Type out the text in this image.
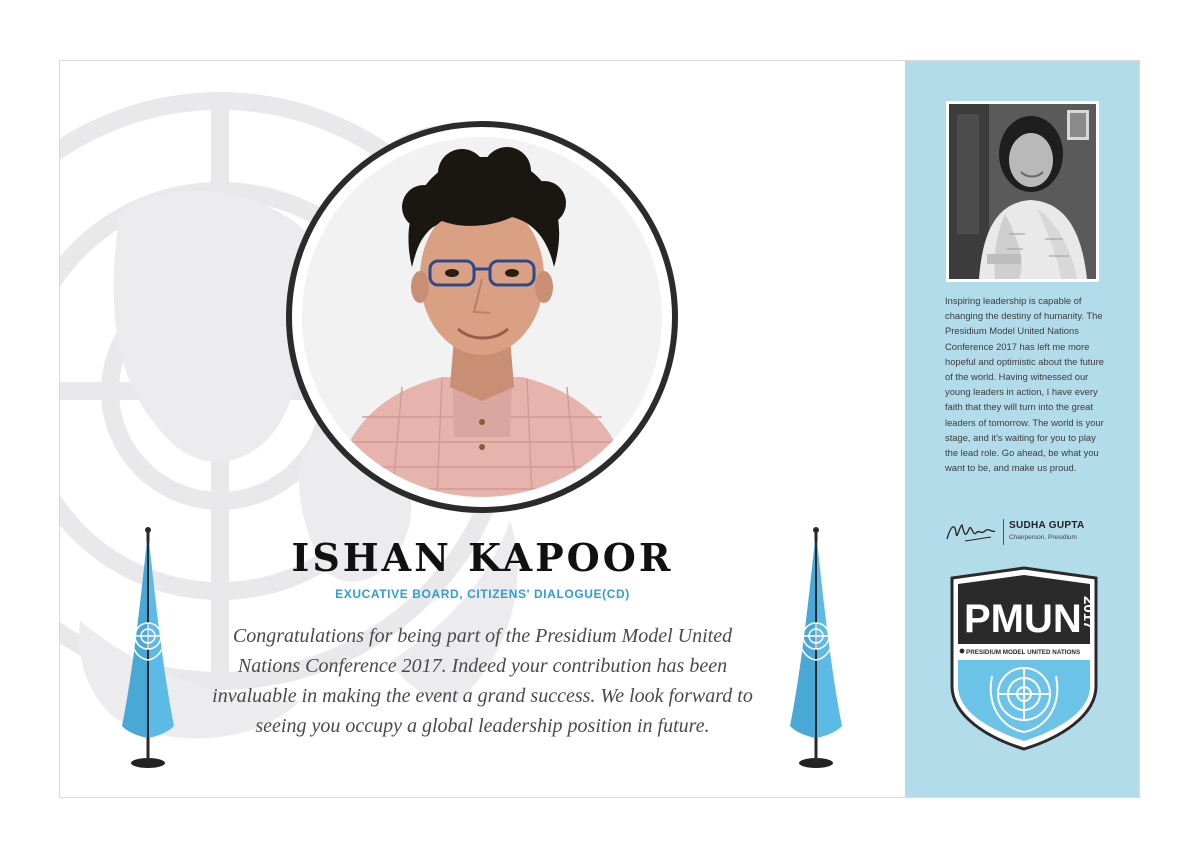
ISHAN KAPOOR
EXUCATIVE BOARD, CITIZENS' DIALOGUE(CD)
Congratulations for being part of the Presidium Model United Nations Conference 2017. Indeed your contribution has been invaluable in making the event a grand success. We look forward to seeing you occupy a global leadership position in future.
Inspiring leadership is capable of changing the destiny of humanity. The Presidium Model United Nations Conference 2017 has left me more hopeful and optimistic about the future of the world. Having witnessed our young leaders in action, I have every faith that they will turn into the great leaders of tomorrow. The world is your stage, and it's waiting for you to play the lead role. Go ahead, be what you want to be, and make us proud.
SUDHA GUPTA
Chairperson, Presidium
PMUN
2017
PRESIDIUM MODEL UNITED NATIONS
